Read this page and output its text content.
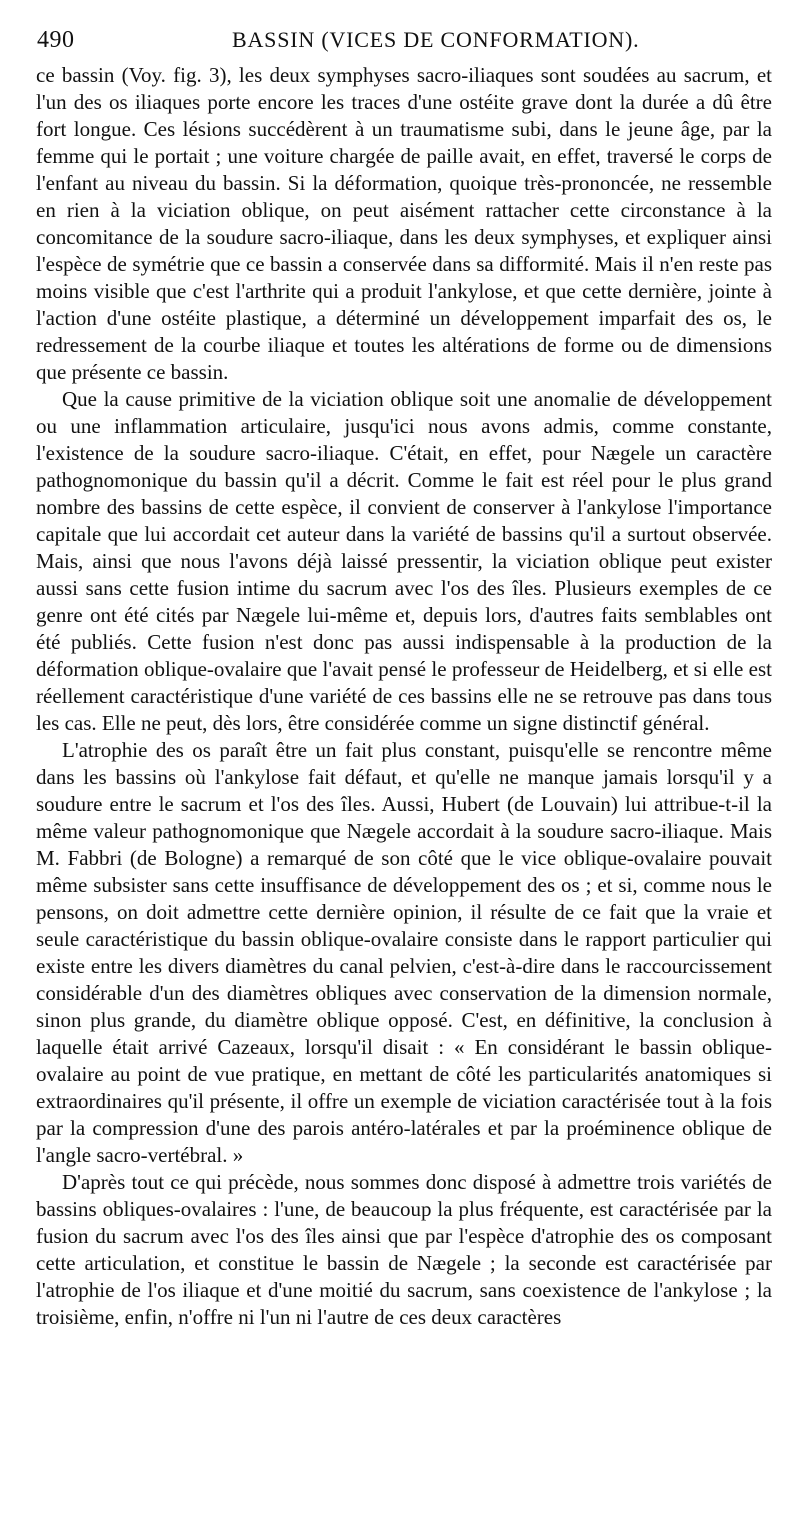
490	BASSIN (VICES DE CONFORMATION).

ce bassin (Voy. fig. 3), les deux symphyses sacro-iliaques sont soudées au sacrum, et l'un des os iliaques porte encore les traces d'une ostéite grave dont la durée a dû être fort longue. Ces lésions succédèrent à un traumatisme subi, dans le jeune âge, par la femme qui le portait ; une voiture chargée de paille avait, en effet, traversé le corps de l'enfant au niveau du bassin. Si la déformation, quoique très-prononcée, ne ressemble en rien à la viciation oblique, on peut aisément rattacher cette circonstance à la concomitance de la soudure sacro-iliaque, dans les deux symphyses, et expliquer ainsi l'espèce de symétrie que ce bassin a conservée dans sa difformité. Mais il n'en reste pas moins visible que c'est l'arthrite qui a produit l'ankylose, et que cette dernière, jointe à l'action d'une ostéite plastique, a déterminé un développement imparfait des os, le redressement de la courbe iliaque et toutes les altérations de forme ou de dimensions que présente ce bassin.

Que la cause primitive de la viciation oblique soit une anomalie de développement ou une inflammation articulaire, jusqu'ici nous avons admis, comme constante, l'existence de la soudure sacro-iliaque. C'était, en effet, pour Nægele un caractère pathognomonique du bassin qu'il a décrit. Comme le fait est réel pour le plus grand nombre des bassins de cette espèce, il convient de conserver à l'ankylose l'importance capitale que lui accordait cet auteur dans la variété de bassins qu'il a surtout observée. Mais, ainsi que nous l'avons déjà laissé pressentir, la viciation oblique peut exister aussi sans cette fusion intime du sacrum avec l'os des îles. Plusieurs exemples de ce genre ont été cités par Nægele lui-même et, depuis lors, d'autres faits semblables ont été publiés. Cette fusion n'est donc pas aussi indispensable à la production de la déformation oblique-ovalaire que l'avait pensé le professeur de Heidelberg, et si elle est réellement caractéristique d'une variété de ces bassins elle ne se retrouve pas dans tous les cas. Elle ne peut, dès lors, être considérée comme un signe distinctif général.

L'atrophie des os paraît être un fait plus constant, puisqu'elle se rencontre même dans les bassins où l'ankylose fait défaut, et qu'elle ne manque jamais lorsqu'il y a soudure entre le sacrum et l'os des îles. Aussi, Hubert (de Louvain) lui attribue-t-il la même valeur pathognomonique que Nægele accordait à la soudure sacro-iliaque. Mais M. Fabbri (de Bologne) a remarqué de son côté que le vice oblique-ovalaire pouvait même subsister sans cette insuffisance de développement des os ; et si, comme nous le pensons, on doit admettre cette dernière opinion, il résulte de ce fait que la vraie et seule caractéristique du bassin oblique-ovalaire consiste dans le rapport particulier qui existe entre les divers diamètres du canal pelvien, c'est-à-dire dans le raccourcissement considérable d'un des diamètres obliques avec conservation de la dimension normale, sinon plus grande, du diamètre oblique opposé. C'est, en définitive, la conclusion à laquelle était arrivé Cazeaux, lorsqu'il disait : « En considérant le bassin oblique-ovalaire au point de vue pratique, en mettant de côté les particularités anatomiques si extraordinaires qu'il présente, il offre un exemple de viciation caractérisée tout à la fois par la compression d'une des parois antéro-latérales et par la proéminence oblique de l'angle sacro-vertébral. »

D'après tout ce qui précède, nous sommes donc disposé à admettre trois variétés de bassins obliques-ovalaires : l'une, de beaucoup la plus fréquente, est caractérisée par la fusion du sacrum avec l'os des îles ainsi que par l'espèce d'atrophie des os composant cette articulation, et constitue le bassin de Nægele ; la seconde est caractérisée par l'atrophie de l'os iliaque et d'une moitié du sacrum, sans coexistence de l'ankylose ; la troisième, enfin, n'offre ni l'un ni l'autre de ces deux caractères
